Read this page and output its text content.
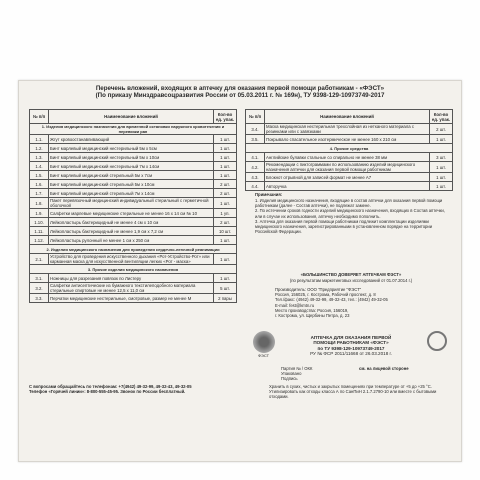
Перечень вложений, входящих в аптечку для оказания первой помощи работникам - «ФЭСТ»
(По приказу Минздравсоцразвития России от 05.03.2011 г. № 169н), ТУ 9398-129-10973749-2017
№ п/п	Наименование вложений	Кол-во ед. упак.
1. Изделия медицинского назначения для временной остановки наружного кровотечения и перевязки ран		
1.1.	Жгут кровоостанавливающий	1 шт.
1.2.	Бинт марлевый медицинский нестерильный 5м х 5см	1 шт.
1.3.	Бинт марлевый медицинский нестерильный 5м х 10см	1 шт.
1.4.	Бинт марлевый медицинский нестерильный 7м х 14см	1 шт.
1.5.	Бинт марлевый медицинский стерильный 5м х 7см	1 шт.
1.6.	Бинт марлевый медицинский стерильный 5м х 10см	2 шт.
1.7.	Бинт марлевый медицинский стерильный 7м х 14см	2 шт.
1.8.	Пакет перевязочный медицинский индивидуальный стерильный с герметичной оболочкой	1 шт.
1.9.	Салфетки марлевые медицинские стерильные не менее 16 х 14 см № 10	1 уп.
1.10.	Лейкопластырь бактерицидный не менее 4 см х 10 см	2 шт.
1.11.	Лейкопластырь бактерицидный не менее 1,9 см х 7,2 см	10 шт.
1.12.	Лейкопластырь рулонный не менее 1 см х 250 см	1 шт.
2. Изделия медицинского назначения для проведения сердечно-легочной реанимации		
2.1.	Устройство для проведения искусственного дыхания «Рот-Устройство-Рот» или карманная маска для искусственной вентиляции легких «Рот - маска»	1 шт.
3. Прочие изделия медицинского назначения		
3.1.	Ножницы для разрезания повязок по Листеру	1 шт.
3.2.	Салфетки антисептические из бумажного текстилеподобного материала стерильные спиртовые не менее 12,5 х 11,0 см	5 шт.
3.3.	Перчатки медицинские нестерильные, смотровые, размер не менее М	2 пары
№ п/п	Наименование вложений	Кол-во ед. упак.
3.4.	Маска медицинская нестерильная трехслойная из нетканого материала с резинками или с завязками	2 шт.
3.5.	Покрывало спасательное изотермическое не менее 160 х 210 см	1 шт.
4. Прочие средства		
4.1.	Английские булавки стальные со спирально не менее 38 мм	3 шт.
4.2.	Рекомендации с пиктограммами по использованию изделий медицинского назначения аптечки для оказания первой помощи работникам	1 шт.
4.3.	Блокнот отрывной для записей формат не менее А7	1 шт.
4.4.	Авторучка	1 шт.
Примечания:
1. Изделия медицинского назначения, входящие в состав аптечки для оказания первой помощи работникам (далее - Состав аптечки), не подлежат замене.
2. По истечении сроков годности изделий медицинского назначения, входящих в Состав аптечки, или в случае их использования, аптечку необходимо пополнить.
3. Аптечка для оказания первой помощи работникам подлежит комплектации изделиями медицинского назначения, зарегистрированными в установленном порядке на территории Российской Федерации.
«БОЛЬШИНСТВО ДОВЕРЯЕТ АПТЕЧКАМ ФЭСТ»
(по результатам маркетинговых исследований от 01.07.2014 г.)
Производитель: ООО "Предприятие "ФЭСТ"
Россия, 156025, г. Кострома, Рабочий проспект, д. 8
Тел./факс: (4942) 49-32-99, 49-32-43, тел.: (4942) 49-32-05
E-mail: fest@kmtn.ru
Место производства: Россия, 156019,
г. Кострома, ул. Щербины Петра, д. 23
ФЭСТ
АПТЕЧКА ДЛЯ ОКАЗАНИЯ ПЕРВОЙ
ПОМОЩИ РАБОТНИКАМ «ФЭСТ»
по ТУ 9398-129-10973749-2017
РУ № ФСР 2011/11668 от 26.03.2018 г.
Партия № / ОКК
Упаковано
Подпись
см. на лицевой стороне
Хранить в сухих, чистых и закрытых помещениях при температуре от +5 до +25 °С. Утилизировать как отходы класса А по СанПиН 2.1.7.2790-10 или вместе с бытовыми отходами.
С вопросами обращайтесь по телефонам: +7(4942) 49-32-99, 49-32-43, 49-32-05
Телефон «Горячей линии»: 8-800-555-45-95. Звонок по России бесплатный.
